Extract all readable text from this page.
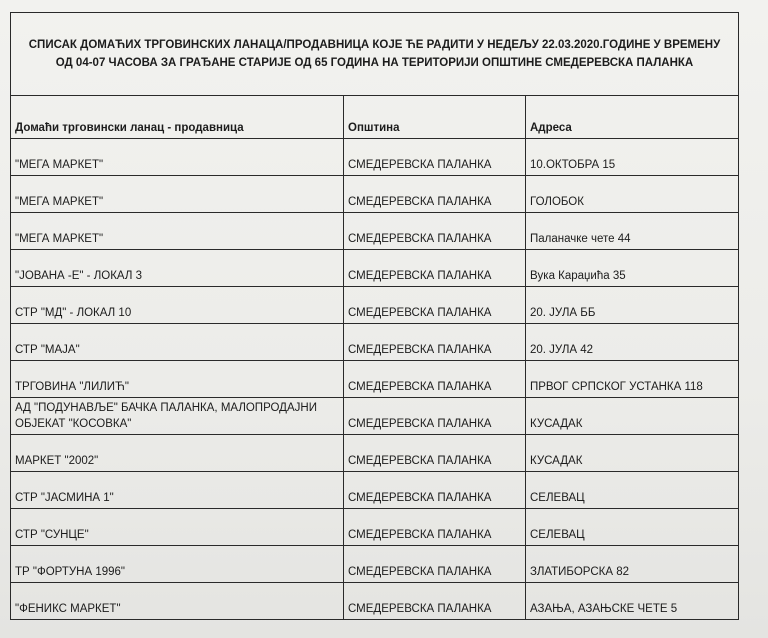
СПИСАК ДОМАЋИХ ТРГОВИНСКИХ ЛАНАЦА/ПРОДАВНИЦА КОЈЕ ЋЕ РАДИТИ У НЕДЕЉУ 22.03.2020.ГОДИНЕ У ВРЕМЕНУ
ОД 04-07 ЧАСОВА ЗА ГРАЂАНЕ СТАРИЈЕ ОД 65 ГОДИНА НА ТЕРИТОРИЈИ ОПШТИНЕ СМЕДЕРЕВСКА ПАЛАНКА		

Домаћи трговински ланац - продавница	Општина	Адреса
"МЕГА МАРКЕТ"	СМЕДЕРЕВСКА ПАЛАНКА	10.ОКТОБРА 15
"МЕГА МАРКЕТ"	СМЕДЕРЕВСКА ПАЛАНКА	ГОЛОБОК
"МЕГА МАРКЕТ"	СМЕДЕРЕВСКА ПАЛАНКА	Паланачке чете 44
"ЈОВАНА -Е" - ЛОКАЛ 3	СМЕДЕРЕВСКА ПАЛАНКА	Вука Караџића 35
СТР "МД" - ЛОКАЛ 10	СМЕДЕРЕВСКА ПАЛАНКА	20. ЈУЛА ББ
СТР "МАЈА"	СМЕДЕРЕВСКА ПАЛАНКА	20. ЈУЛА 42
ТРГОВИНА "ЛИЛИЋ"	СМЕДЕРЕВСКА ПАЛАНКА	ПРВОГ СРПСКОГ УСТАНКА 118
АД "ПОДУНАВЉЕ" БАЧКА ПАЛАНКА, МАЛОПРОДАЈНИ ОБЈЕКАТ "КОСОВКА"	СМЕДЕРЕВСКА ПАЛАНКА	КУСАДАК
МАРКЕТ "2002"	СМЕДЕРЕВСКА ПАЛАНКА	КУСАДАК
СТР "ЈАСМИНА 1"	СМЕДЕРЕВСКА ПАЛАНКА	СЕЛЕВАЦ
СТР "СУНЦЕ"	СМЕДЕРЕВСКА ПАЛАНКА	СЕЛЕВАЦ
ТР "ФОРТУНА 1996"	СМЕДЕРЕВСКА ПАЛАНКА	ЗЛАТИБОРСКА 82
"ФЕНИКС МАРКЕТ"	СМЕДЕРЕВСКА ПАЛАНКА	АЗАЊА, АЗАЊСКЕ ЧЕТЕ 5
